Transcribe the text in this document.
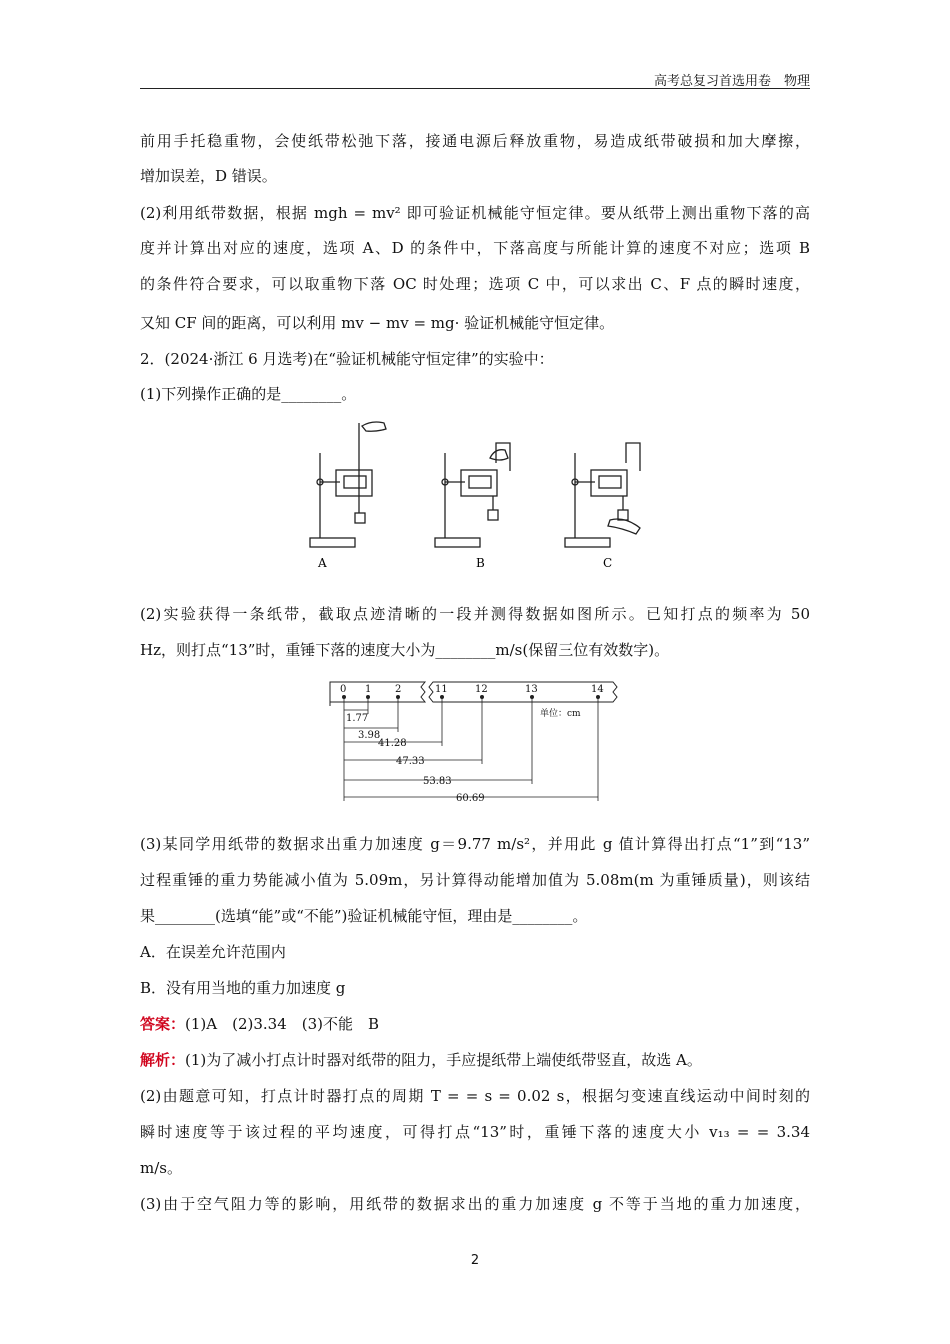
高考总复习首选用卷　物理
前用手托稳重物，会使纸带松弛下落，接通电源后释放重物，易造成纸带破损和加大摩擦，
增加误差，D 错误。
(2)利用纸带数据，根据 mgh = mv² 即可验证机械能守恒定律。要从纸带上测出重物下落的高
度并计算出对应的速度，选项 A、D 的条件中，下落高度与所能计算的速度不对应；选项 B
的条件符合要求，可以取重物下落 OC 时处理；选项 C 中，可以求出 C、F 点的瞬时速度，
又知 CF 间的距离，可以利用 mv − mv = mg· 验证机械能守恒定律。
2．(2024·浙江 6 月选考)在“验证机械能守恒定律”的实验中：
(1)下列操作正确的是________。
A	B	C
(2)实验获得一条纸带，截取点迹清晰的一段并测得数据如图所示。已知打点的频率为 50
Hz，则打点“13”时，重锤下落的速度大小为________m/s(保留三位有效数字)。
0 1 2	11	12	13	14
单位：cm
1.77
3.98
41.28
47.33
53.83
60.69
(3)某同学用纸带的数据求出重力加速度 g＝9.77 m/s²，并用此 g 值计算得出打点“1”到“13”
过程重锤的重力势能减小值为 5.09m，另计算得动能增加值为 5.08m(m 为重锤质量)，则该结
果________(选填“能”或“不能”)验证机械能守恒，理由是________。
A．在误差允许范围内
B．没有用当地的重力加速度 g
答案：(1)A　(2)3.34　(3)不能　B
解析：(1)为了减小打点计时器对纸带的阻力，手应提纸带上端使纸带竖直，故选 A。
(2)由题意可知，打点计时器打点的周期 T = = s = 0.02 s，根据匀变速直线运动中间时刻的
瞬时速度等于该过程的平均速度，可得打点“13”时，重锤下落的速度大小 v₁₃ = = 3.34
m/s。
(3)由于空气阻力等的影响，用纸带的数据求出的重力加速度 g 不等于当地的重力加速度，
2
